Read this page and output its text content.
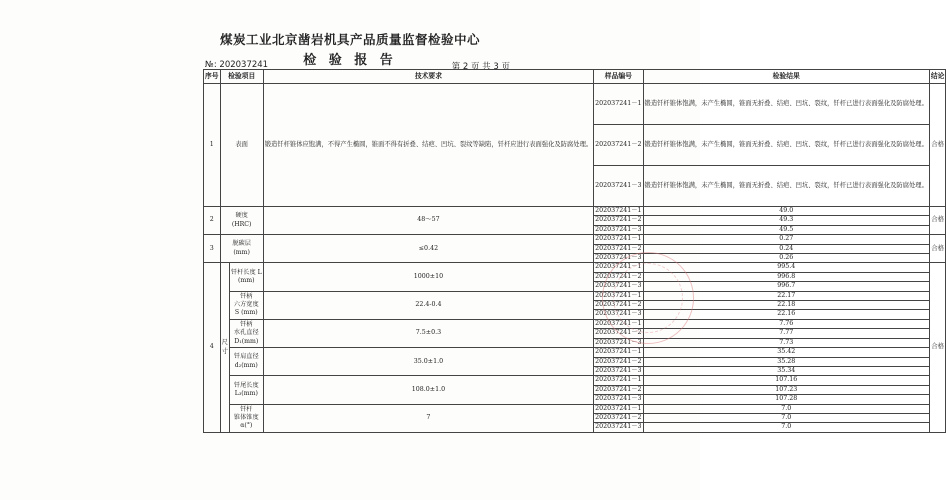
煤炭工业北京凿岩机具产品质量监督检验中心
检 验 报 告
№: 202037241	第 2 页 共 3 页
序号	检验项目		技术要求	样品编号	检验结果	结论
1	表面		锻造钎杆锥体应饱满，不得产生椭圆，锥面不得有折叠、结疤、凹坑、裂纹等缺陷，钎杆应进行表面强化及防腐处理。	202037241－1	锻造钎杆锥体饱满，未产生椭圆，锥面无折叠、结疤、凹坑、裂纹，钎杆已进行表面强化及防腐处理。	合格
				202037241－2	锻造钎杆锥体饱满，未产生椭圆，锥面无折叠、结疤、凹坑、裂纹，钎杆已进行表面强化及防腐处理。	
				202037241－3	锻造钎杆锥体饱满，未产生椭圆，锥面无折叠、结疤、凹坑、裂纹，钎杆已进行表面强化及防腐处理。	
2	硬度
(HRC)		48～57	202037241－1	49.0	合格
				202037241－2	49.3	
				202037241－3	49.5	
3	脱碳层
(mm)		≤0.42	202037241－1	0.27	合格
				202037241－2	0.24	
				202037241－3	0.26	
4	尺
寸	钎杆长度 L
(mm)	1000±10	202037241－1	995.4	合格
				202037241－2	996.8	
				202037241－3	996.7	
		钎柄
六方宽度
S (mm)	22.4-0.4	202037241－1	22.17	
				202037241－2	22.18	
				202037241－3	22.16	
		钎柄
水孔直径
D₁(mm)	7.5±0.3	202037241－1	7.76	
				202037241－2	7.77	
				202037241－3	7.73	
		钎肩直径
d₂(mm)	35.0±1.0	202037241－1	35.42	
				202037241－2	35.28	
				202037241－3	35.34	
		钎尾长度
L₃(mm)	108.0±1.0	202037241－1	107.16	
				202037241－2	107.23	
				202037241－3	107.28	
		钎杆
锥体锥度
α(°)	7	202037241－1	7.0	
				202037241－2	7.0	
				202037241－3	7.0	
